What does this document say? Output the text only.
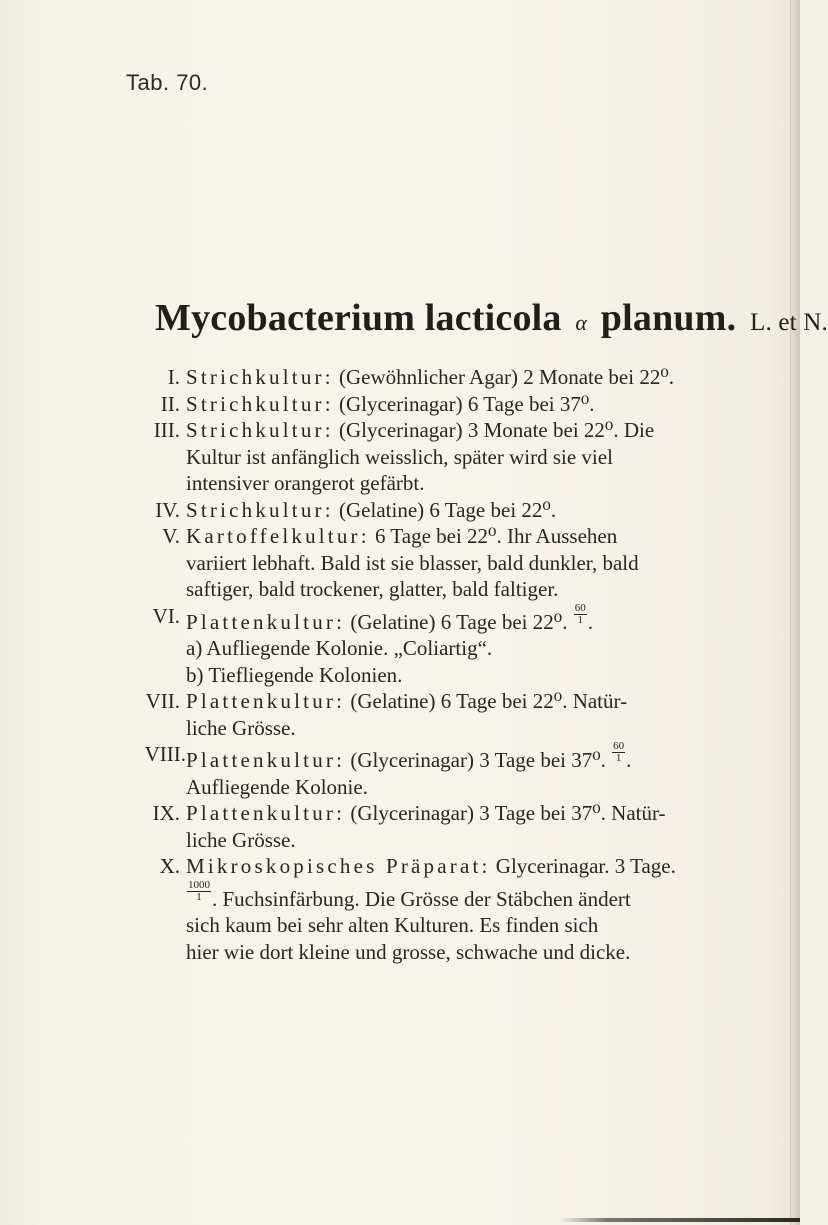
Tab. 70.
Mycobacterium lacticola α planum. L. et N.
I. Strichkultur: (Gewöhnlicher Agar) 2 Monate bei 22⁰.
II. Strichkultur: (Glycerinagar) 6 Tage bei 37⁰.
III. Strichkultur: (Glycerinagar) 3 Monate bei 22⁰. Die
Kultur ist anfänglich weisslich, später wird sie viel
intensiver orangerot gefärbt.
IV. Strichkultur: (Gelatine) 6 Tage bei 22⁰.
V. Kartoffelkultur: 6 Tage bei 22⁰. Ihr Aussehen
variiert lebhaft. Bald ist sie blasser, bald dunkler, bald
saftiger, bald trockener, glatter, bald faltiger.
VI. Plattenkultur: (Gelatine) 6 Tage bei 22⁰. $\frac{60}{1}$ .
a) Aufliegende Kolonie. „Coliartig“.
b) Tiefliegende Kolonien.
VII. Plattenkultur: (Gelatine) 6 Tage bei 22⁰. Natür-
liche Grösse.
VIII. Plattenkultur: (Glycerinagar) 3 Tage bei 37⁰. $\frac{60}{1}$ .
Aufliegende Kolonie.
IX. Plattenkultur: (Glycerinagar) 3 Tage bei 37⁰. Natür-
liche Grösse.
X. Mikroskopisches Präparat: Glycerinagar. 3 Tage.
$\frac{1000}{1}$ . Fuchsinfärbung. Die Grösse der Stäbchen ändert
sich kaum bei sehr alten Kulturen. Es finden sich
hier wie dort kleine und grosse, schwache und dicke.
